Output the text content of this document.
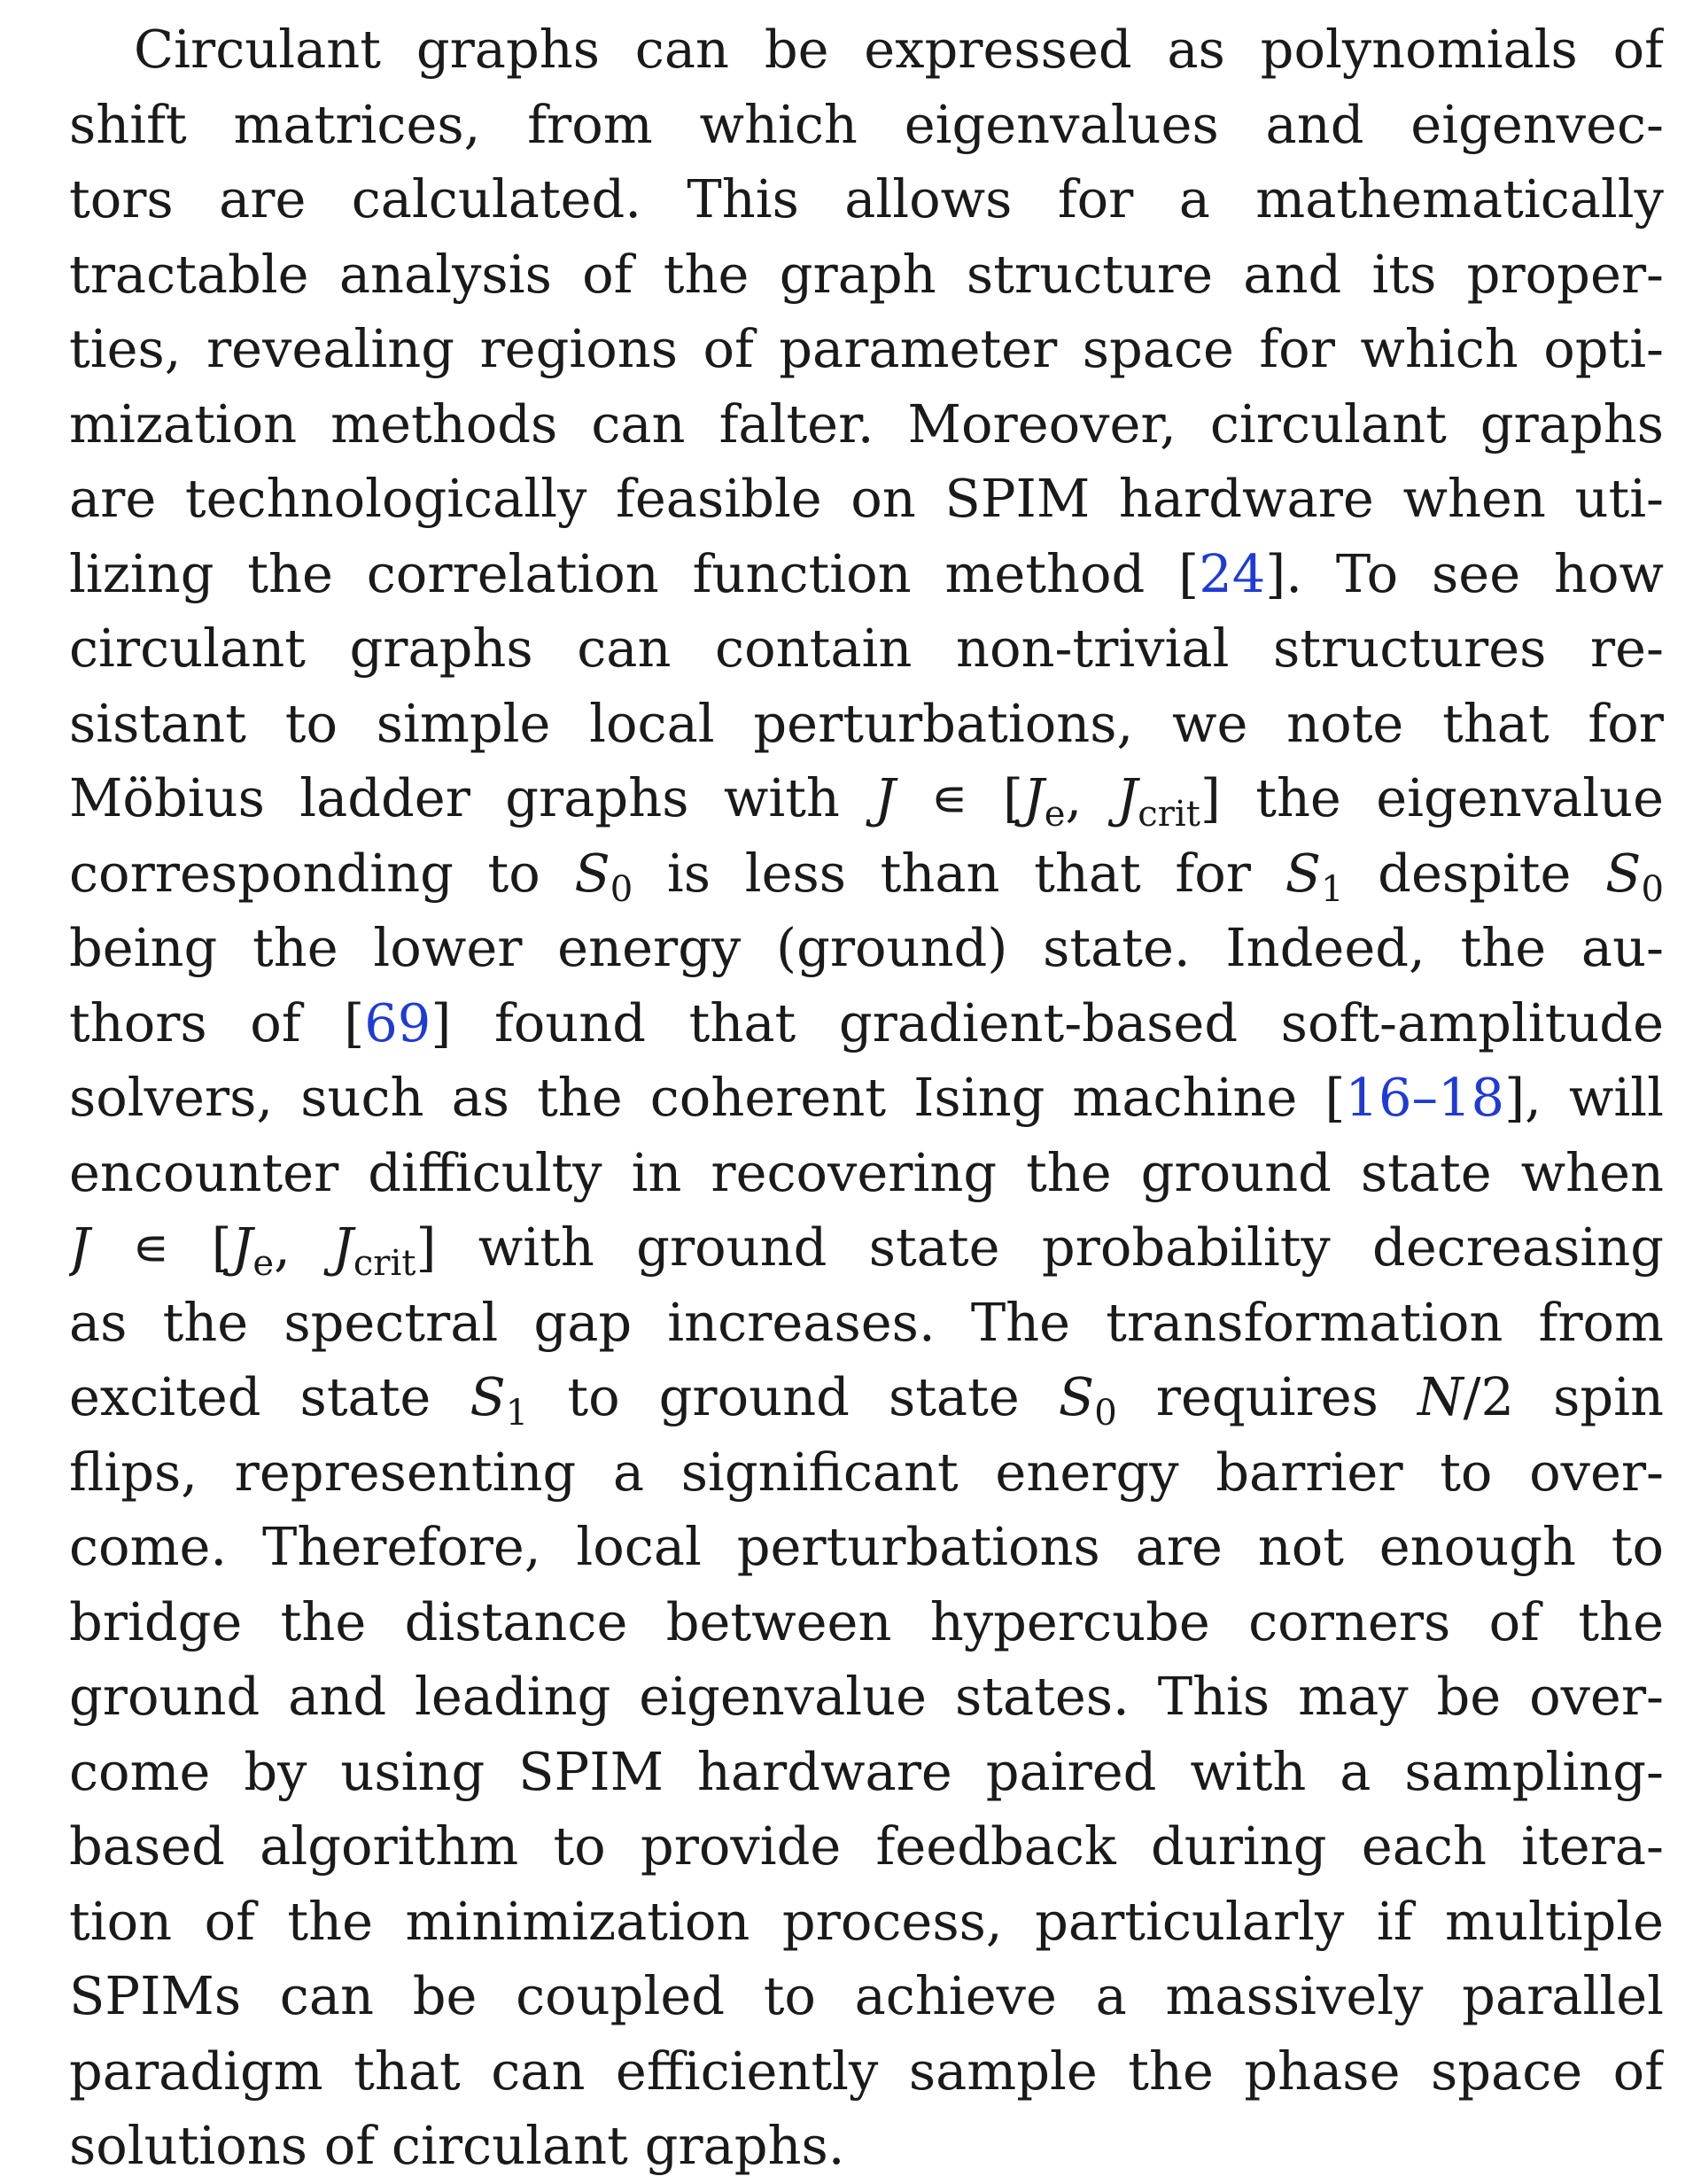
Circulant graphs can be expressed as polynomials of
shift matrices, from which eigenvalues and eigenvec-
tors are calculated. This allows for a mathematically
tractable analysis of the graph structure and its proper-
ties, revealing regions of parameter space for which opti-
mization methods can falter. Moreover, circulant graphs
are technologically feasible on SPIM hardware when uti-
lizing the correlation function method [24]. To see how
circulant graphs can contain non-trivial structures re-
sistant to simple local perturbations, we note that for
Möbius ladder graphs with J ∊ [$J_e$, $J_{crit}$] the eigenvalue
corresponding to $S_0$ is less than that for $S_1$ despite $S_0$
being the lower energy (ground) state. Indeed, the au-
thors of [69] found that gradient-based soft-amplitude
solvers, such as the coherent Ising machine [16–18], will
encounter difficulty in recovering the ground state when
J ∊ [$J_e$, $J_{crit}$] with ground state probability decreasing
as the spectral gap increases. The transformation from
excited state $S_1$ to ground state $S_0$ requires N/2 spin
flips, representing a significant energy barrier to over-
come. Therefore, local perturbations are not enough to
bridge the distance between hypercube corners of the
ground and leading eigenvalue states. This may be over-
come by using SPIM hardware paired with a sampling-
based algorithm to provide feedback during each itera-
tion of the minimization process, particularly if multiple
SPIMs can be coupled to achieve a massively parallel
paradigm that can efficiently sample the phase space of
solutions of circulant graphs.
